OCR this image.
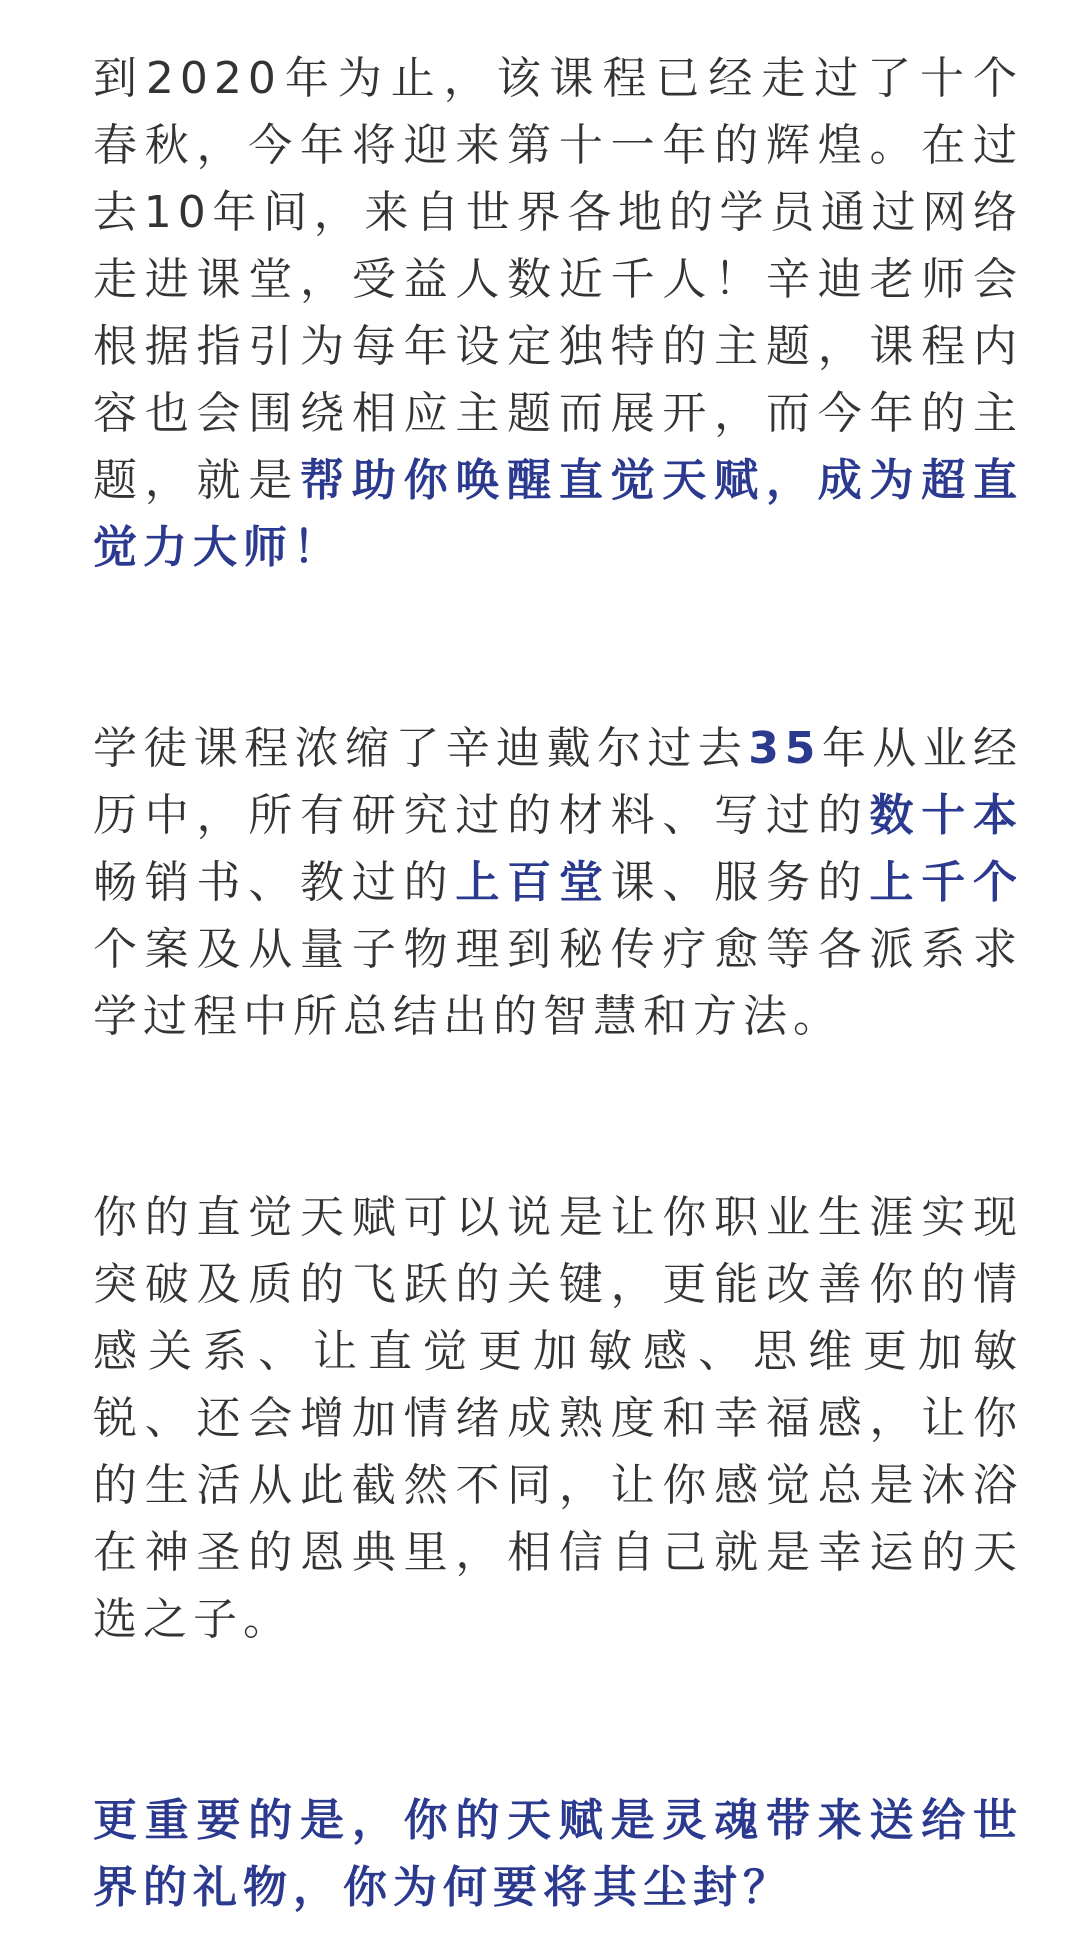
到2020年为止，该课程已经走过了十个春秋，今年将迎来第十一年的辉煌。在过去10年间，来自世界各地的学员通过网络走进课堂，受益人数近千人！辛迪老师会根据指引为每年设定独特的主题，课程内容也会围绕相应主题而展开，而今年的主题，就是帮助你唤醒直觉天赋，成为超直觉力大师！

学徒课程浓缩了辛迪戴尔过去35年从业经历中，所有研究过的材料、写过的数十本畅销书、教过的上百堂课、服务的上千个个案及从量子物理到秘传疗愈等各派系求学过程中所总结出的智慧和方法。

你的直觉天赋可以说是让你职业生涯实现突破及质的飞跃的关键，更能改善你的情感关系、让直觉更加敏感、思维更加敏锐、还会增加情绪成熟度和幸福感，让你的生活从此截然不同，让你感觉总是沐浴在神圣的恩典里，相信自己就是幸运的天选之子。

更重要的是，你的天赋是灵魂带来送给世界的礼物，你为何要将其尘封？
